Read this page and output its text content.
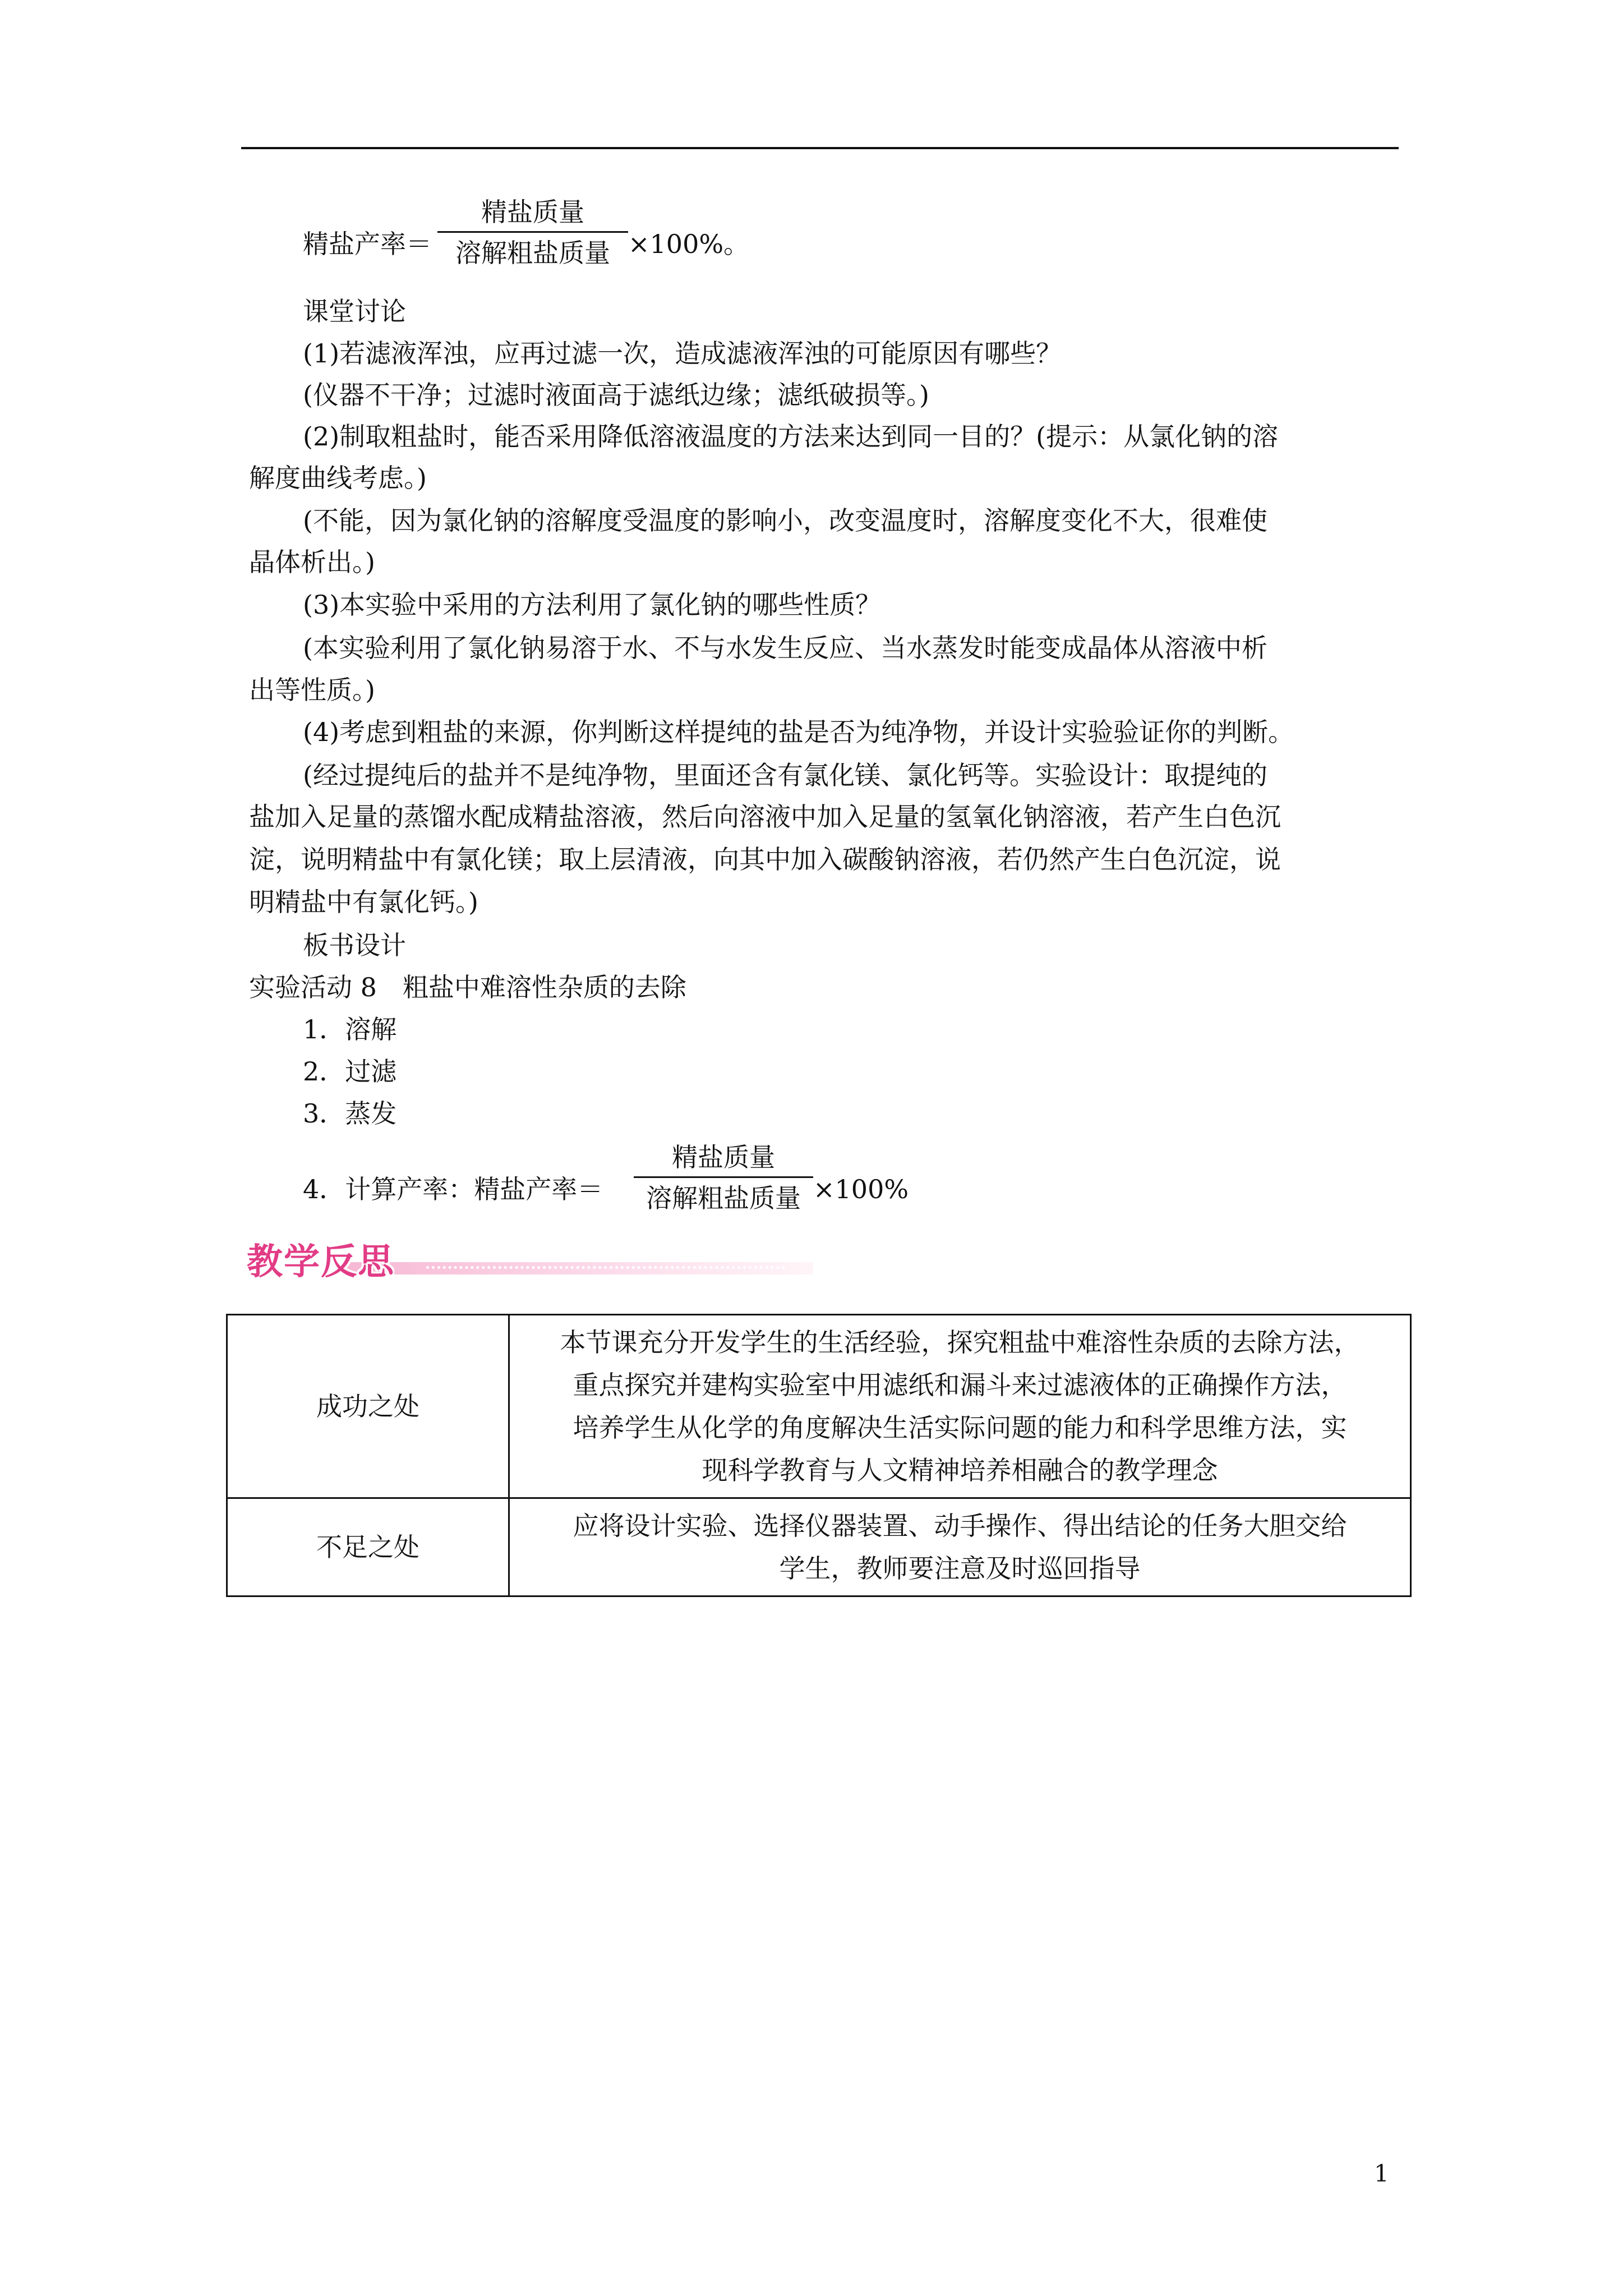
精盐产率＝
精盐质量
溶解粗盐质量 ×100%。
课堂讨论
(1)若滤液浑浊，应再过滤一次，造成滤液浑浊的可能原因有哪些？
(仪器不干净；过滤时液面高于滤纸边缘；滤纸破损等。)
(2)制取粗盐时，能否采用降低溶液温度的方法来达到同一目的？(提示：从氯化钠的溶
解度曲线考虑。)
(不能，因为氯化钠的溶解度受温度的影响小，改变温度时，溶解度变化不大，很难使
晶体析出。)
(3)本实验中采用的方法利用了氯化钠的哪些性质？
(本实验利用了氯化钠易溶于水、不与水发生反应、当水蒸发时能变成晶体从溶液中析
出等性质。)
(4)考虑到粗盐的来源，你判断这样提纯的盐是否为纯净物，并设计实验验证你的判断。
(经过提纯后的盐并不是纯净物，里面还含有氯化镁、氯化钙等。实验设计：取提纯的
盐加入足量的蒸馏水配成精盐溶液，然后向溶液中加入足量的氢氧化钠溶液，若产生白色沉
淀，说明精盐中有氯化镁；取上层清液，向其中加入碳酸钠溶液，若仍然产生白色沉淀，说
明精盐中有氯化钙。)
板书设计
实验活动 8　粗盐中难溶性杂质的去除
1．溶解
2．过滤
3．蒸发
4．计算产率：精盐产率＝
精盐质量
溶解粗盐质量 ×100%
教学反思
成功之处	本节课充分开发学生的生活经验，探究粗盐中难溶性杂质的去除方法，
重点探究并建构实验室中用滤纸和漏斗来过滤液体的正确操作方法，
培养学生从化学的角度解决生活实际问题的能力和科学思维方法，实
现科学教育与人文精神培养相融合的教学理念

不足之处	应将设计实验、选择仪器装置、动手操作、得出结论的任务大胆交给
学生，教师要注意及时巡回指导
1
